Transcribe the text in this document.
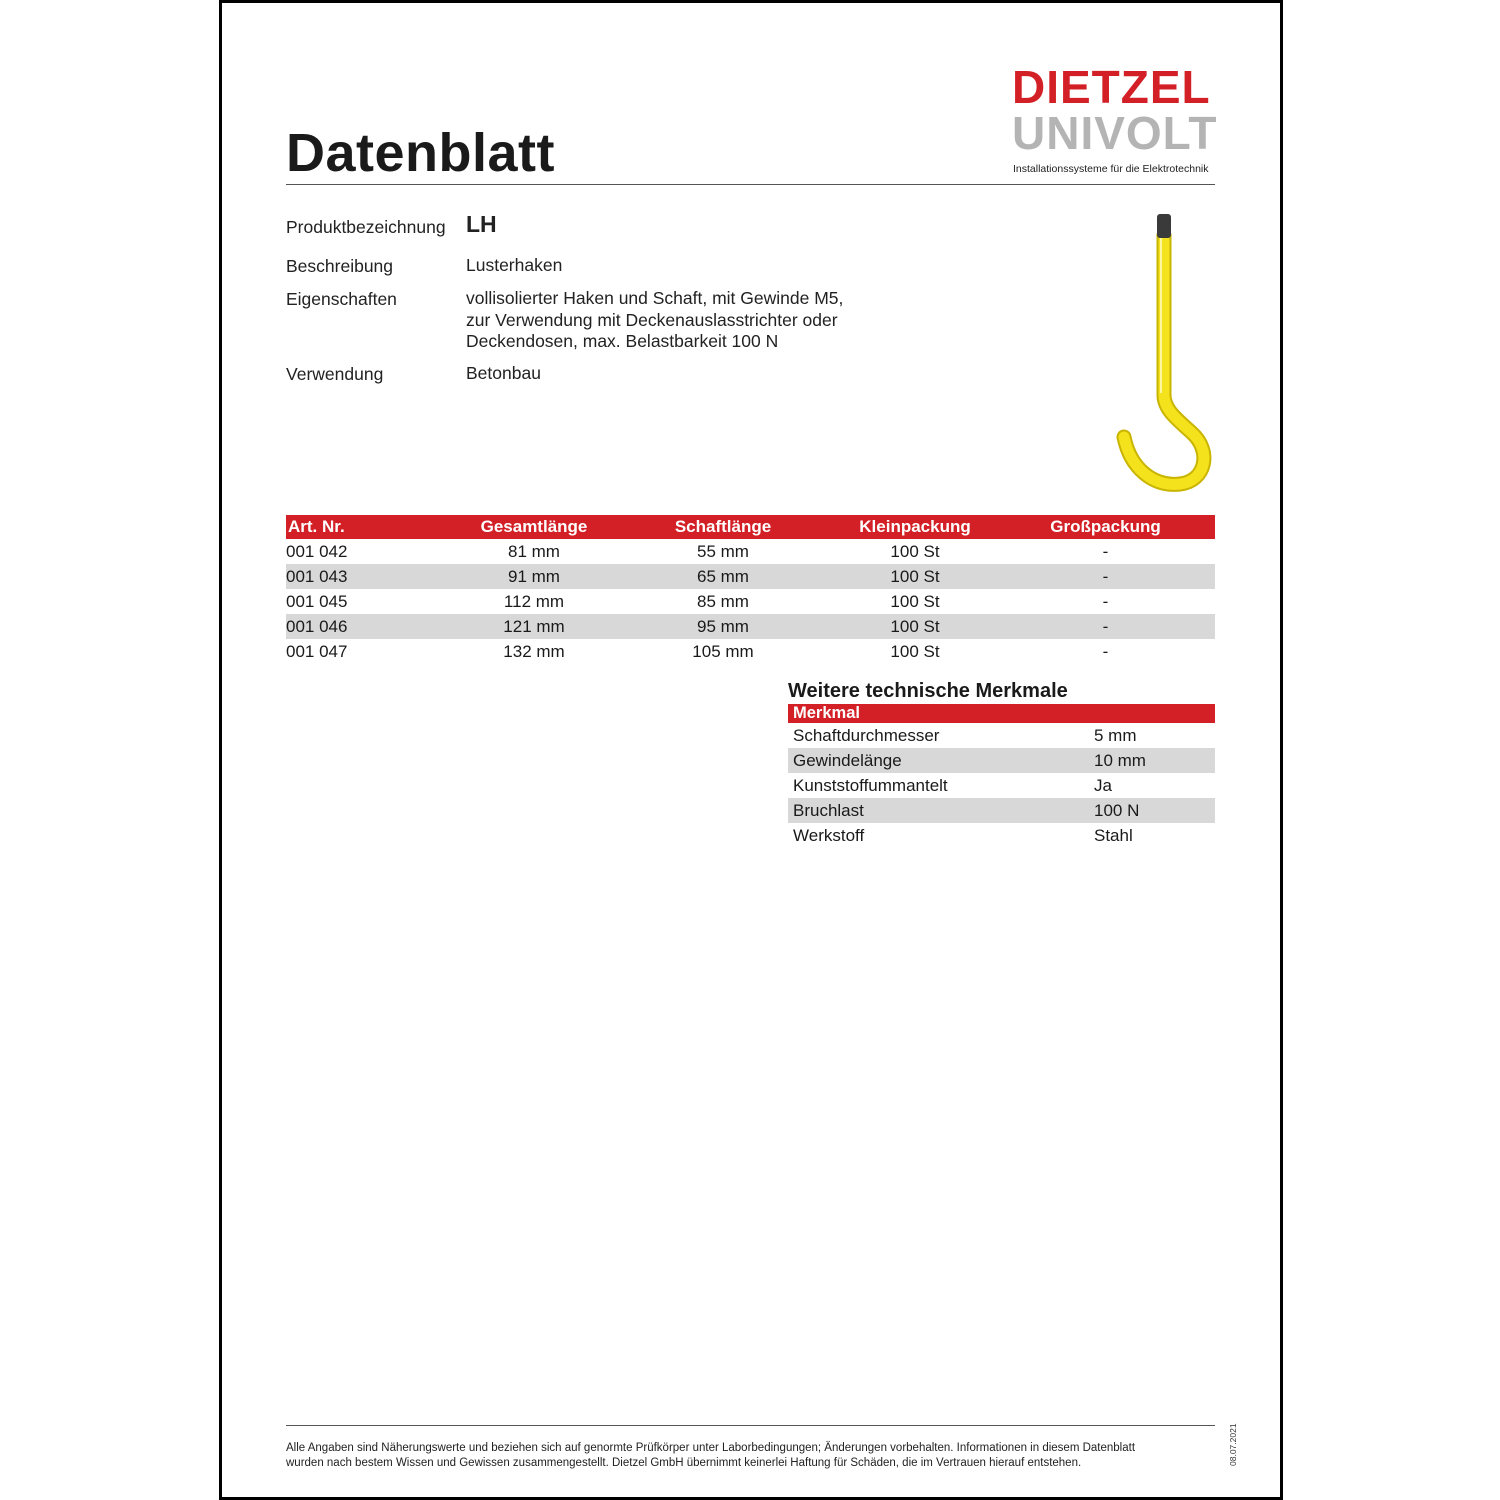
Datenblatt
DIETZEL
UNIVOLT
Installationssysteme für die Elektrotechnik
Produktbezeichnung LH
Beschreibung	Lusterhaken
Eigenschaften	vollisolierter Haken und Schaft, mit Gewinde M5,
zur Verwendung mit Deckenauslasstrichter oder
Deckendosen, max. Belastbarkeit 100 N
Verwendung	Betonbau
Art. Nr.	Gesamtlänge	Schaftlänge	Kleinpackung	Großpackung
001 042	81 mm	55 mm	100 St	-
001 043	91 mm	65 mm	100 St	-
001 045	112 mm	85 mm	100 St	-
001 046	121 mm	95 mm	100 St	-
001 047	132 mm	105 mm	100 St	-
Weitere technische Merkmale
Merkmal	
Schaftdurchmesser	5 mm
Gewindelänge	10 mm
Kunststoffummantelt	Ja
Bruchlast	100 N
Werkstoff	Stahl
Alle Angaben sind Näherungswerte und beziehen sich auf genormte Prüfkörper unter Laborbedingungen; Änderungen vorbehalten. Informationen in diesem Datenblatt
wurden nach bestem Wissen und Gewissen zusammengestellt. Dietzel GmbH übernimmt keinerlei Haftung für Schäden, die im Vertrauen hierauf entstehen.	08.07.2021
